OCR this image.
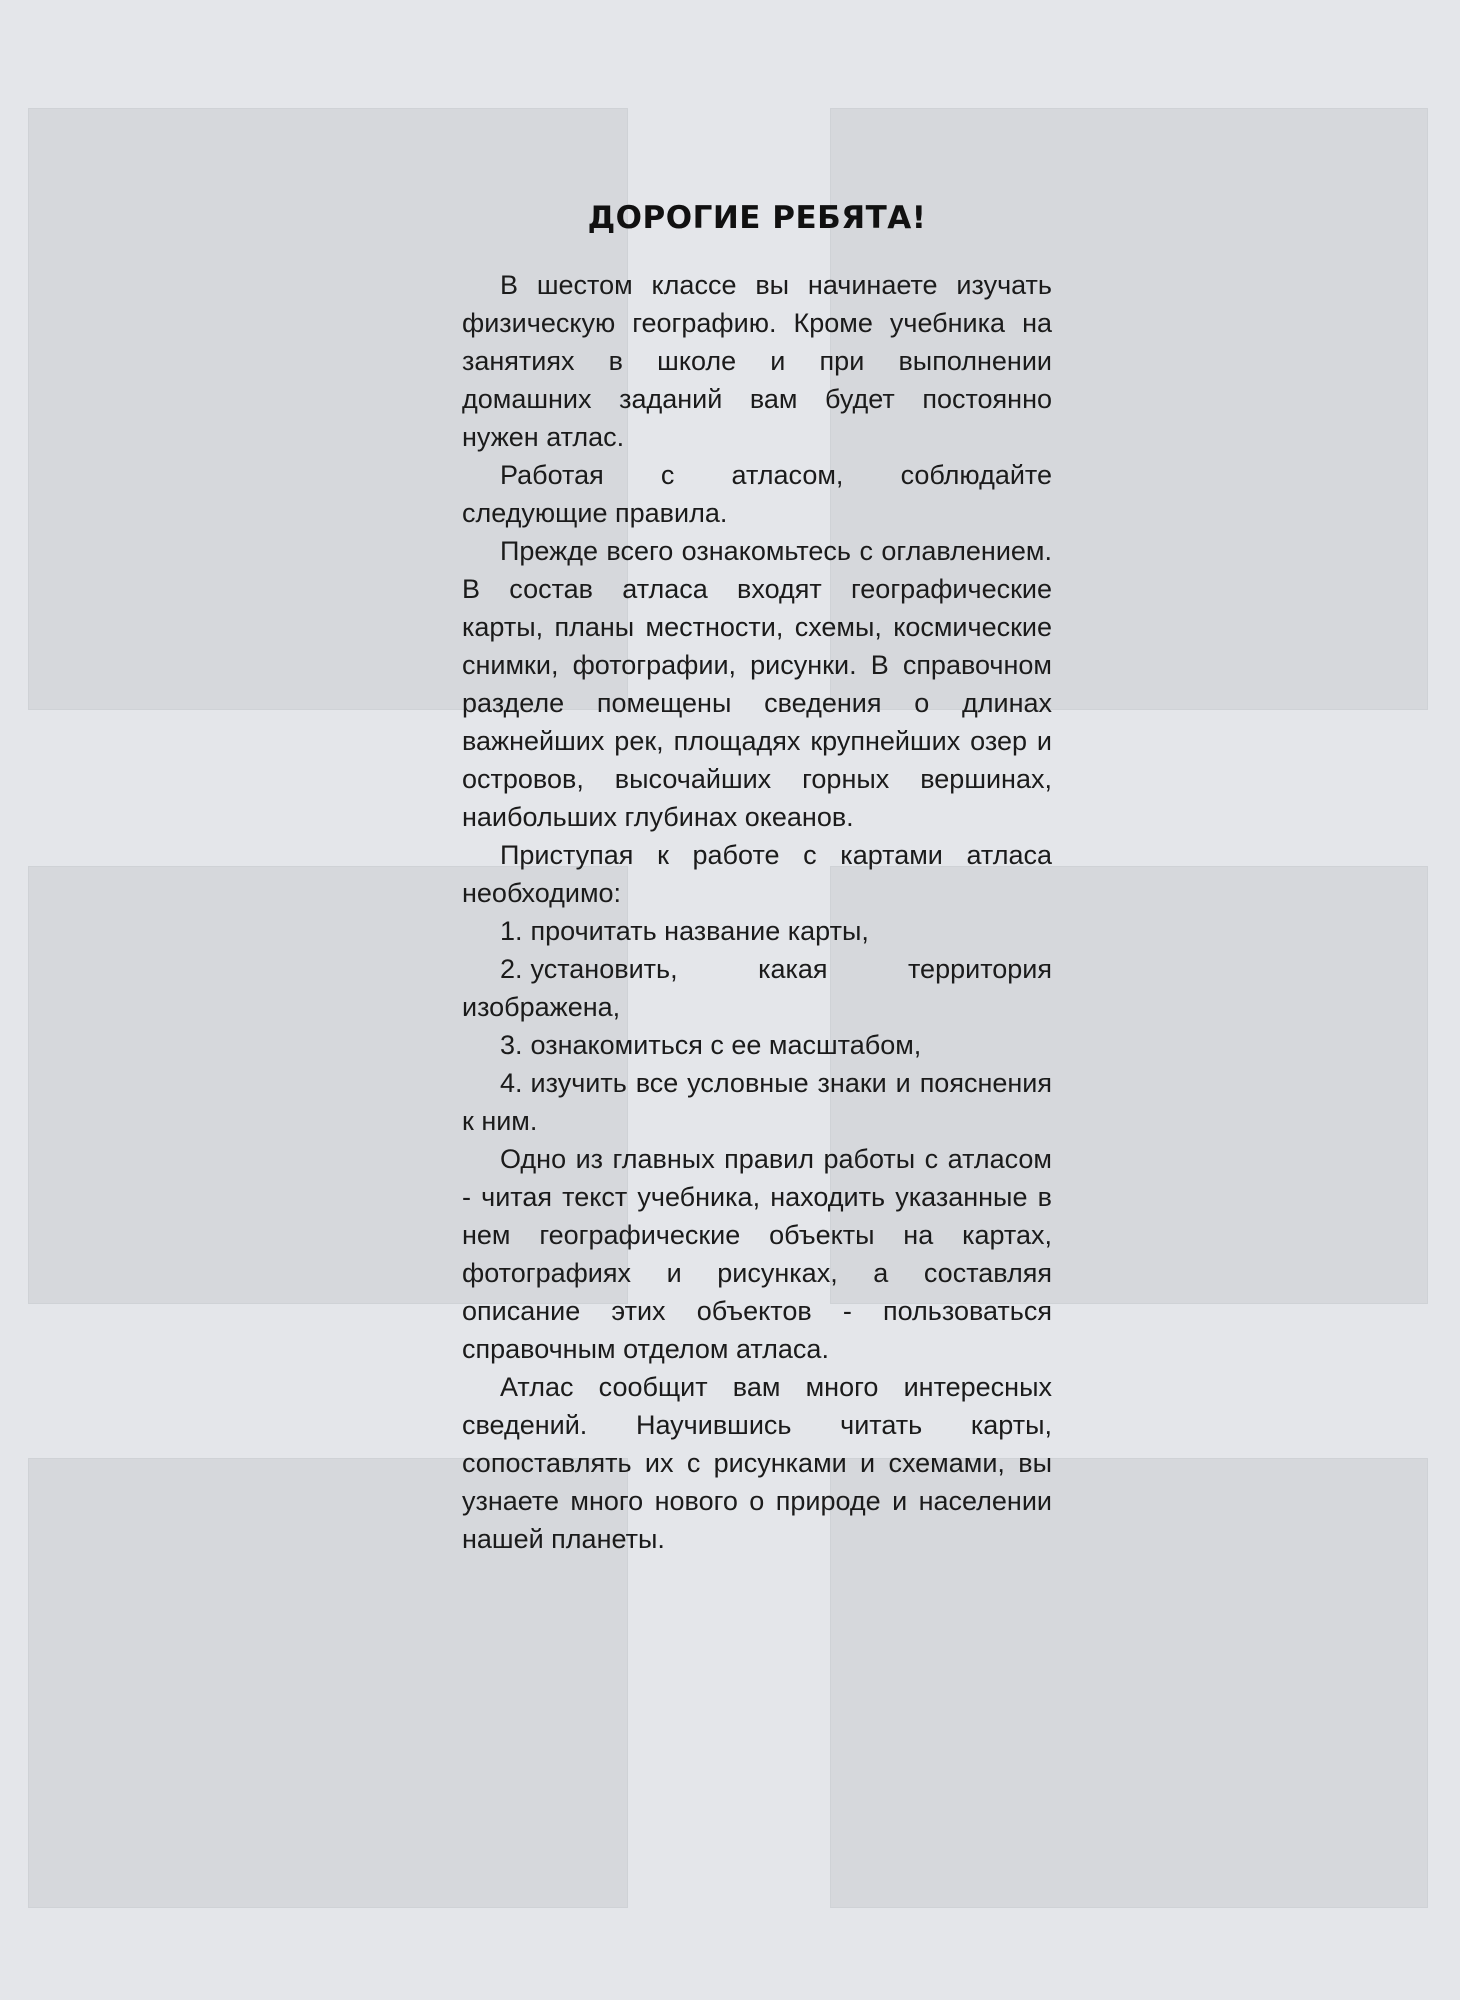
ДОРОГИЕ РЕБЯТА!

В шестом классе вы начинаете изучать физическую географию. Кроме учебника на занятиях в школе и при выполнении домашних заданий вам будет постоянно нужен атлас.

Работая с атласом, соблюдайте следующие правила.

Прежде всего ознакомьтесь с оглавлением. В состав атласа входят географические карты, планы местности, схемы, космические снимки, фотографии, рисунки. В справочном разделе помещены сведения о длинах важнейших рек, площадях крупнейших озер и островов, высочайших горных вершинах, наибольших глубинах океанов.

Приступая к работе с картами атласа необходимо:

1. прочитать название карты,
2. установить, какая территория изображена,
3. ознакомиться с ее масштабом,
4. изучить все условные знаки и пояснения к ним.

Одно из главных правил работы с атласом - читая текст учебника, находить указанные в нем географические объекты на картах, фотографиях и рисунках, а составляя описание этих объектов - пользоваться справочным отделом атласа.

Атлас сообщит вам много интересных сведений. Научившись читать карты, сопоставлять их с рисунками и схемами, вы узнаете много нового о природе и населении нашей планеты.
